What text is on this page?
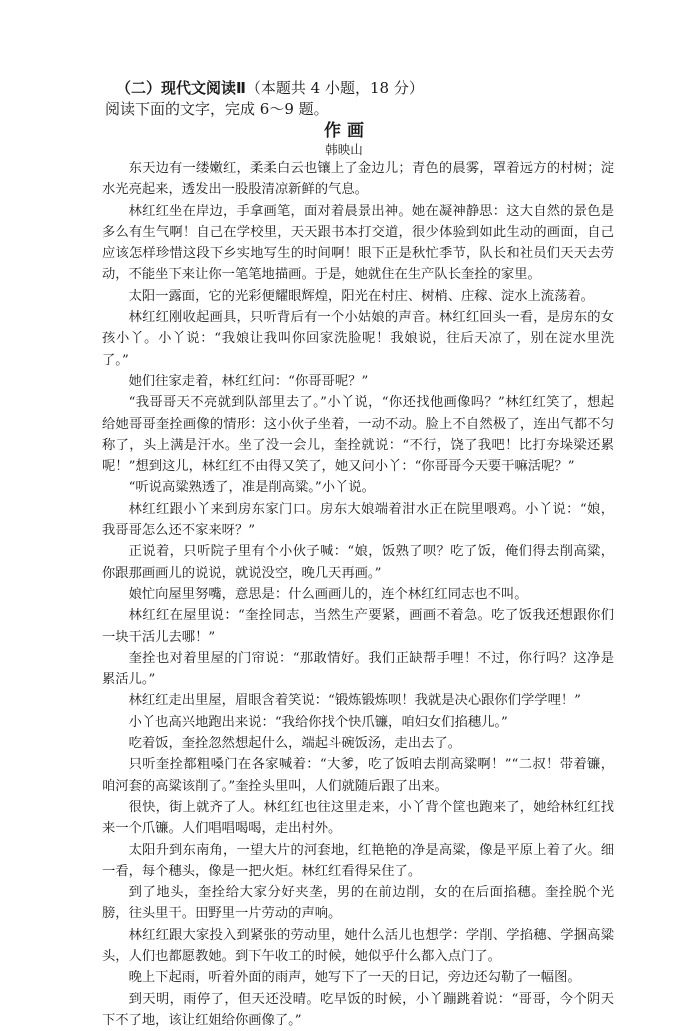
（二）现代文阅读Ⅱ（本题共 4 小题，18 分）
阅读下面的文字，完成 6～9 题。
作 画
韩映山

东天边有一缕嫩红，柔柔白云也镶上了金边儿；青色的晨雾，罩着远方的村树；淀水光亮起来，透发出一股股清凉新鲜的气息。

林红红坐在岸边，手拿画笔，面对着晨景出神。她在凝神静思：这大自然的景色是多么有生气啊！自己在学校里，天天跟书本打交道，很少体验到如此生动的画面，自己应该怎样珍惜这段下乡实地写生的时间啊！眼下正是秋忙季节，队长和社员们天天去劳动，不能坐下来让你一笔笔地描画。于是，她就住在生产队长奎拴的家里。

太阳一露面，它的光彩便耀眼辉煌，阳光在村庄、树梢、庄稼、淀水上流荡着。

林红红刚收起画具，只听背后有一个小姑娘的声音。林红红回头一看，是房东的女孩小丫。小丫说：“我娘让我叫你回家洗脸呢！我娘说，往后天凉了，别在淀水里洗了。”

她们往家走着，林红红问：“你哥哥呢？”

“我哥哥天不亮就到队部里去了。”小丫说，“你还找他画像吗？”林红红笑了，想起给她哥哥奎拴画像的情形：这小伙子坐着，一动不动。脸上不自然极了，连出气都不匀称了，头上满是汗水。坐了没一会儿，奎拴就说：“不行，饶了我吧！比打夯垛梁还累呢！”想到这儿，林红红不由得又笑了，她又问小丫：“你哥哥今天要干嘛活呢？”

“听说高粱熟透了，准是削高粱。”小丫说。

林红红跟小丫来到房东家门口。房东大娘端着泔水正在院里喂鸡。小丫说：“娘，我哥哥怎么还不家来呀？”

正说着，只听院子里有个小伙子喊：“娘，饭熟了呗？吃了饭，俺们得去削高粱，你跟那画画儿的说说，就说没空，晚几天再画。”

娘忙向屋里努嘴，意思是：什么画画儿的，连个林红红同志也不叫。

林红红在屋里说：“奎拴同志，当然生产要紧，画画不着急。吃了饭我还想跟你们一块干活儿去哪！”

奎拴也对着里屋的门帘说：“那敢情好。我们正缺帮手哩！不过，你行吗？这净是累活儿。”

林红红走出里屋，眉眼含着笑说：“锻炼锻炼呗！我就是决心跟你们学学哩！”

小丫也高兴地跑出来说：“我给你找个快爪镰，咱妇女们掐穗儿。”

吃着饭，奎拴忽然想起什么，端起斗碗饭汤，走出去了。

只听奎拴都粗嗓门在各家喊着：“大爹，吃了饭咱去削高粱啊！”“二叔！带着镰，咱河套的高粱该削了。”奎拴头里叫，人们就随后跟了出来。

很快，街上就齐了人。林红红也往这里走来，小丫背个筐也跑来了，她给林红红找来一个爪镰。人们唱唱喝喝，走出村外。

太阳升到东南角，一望大片的河套地，红艳艳的净是高粱，像是平原上着了火。细一看，每个穗头，像是一把火炬。林红红看得呆住了。

到了地头，奎拴给大家分好夹垄，男的在前边削，女的在后面掐穗。奎拴脱个光膀，往头里干。田野里一片劳动的声响。

林红红跟大家投入到紧张的劳动里，她什么活儿也想学：学削、学掐穗、学捆高粱头，人们也都愿教她。到下午收工的时候，她似乎什么都入点门了。

晚上下起雨，听着外面的雨声，她写下了一天的日记，旁边还勾勒了一幅图。

到天明，雨停了，但天还没晴。吃早饭的时候，小丫蹦跳着说：“哥哥，今个阴天下不了地，该让红姐给你画像了。”
